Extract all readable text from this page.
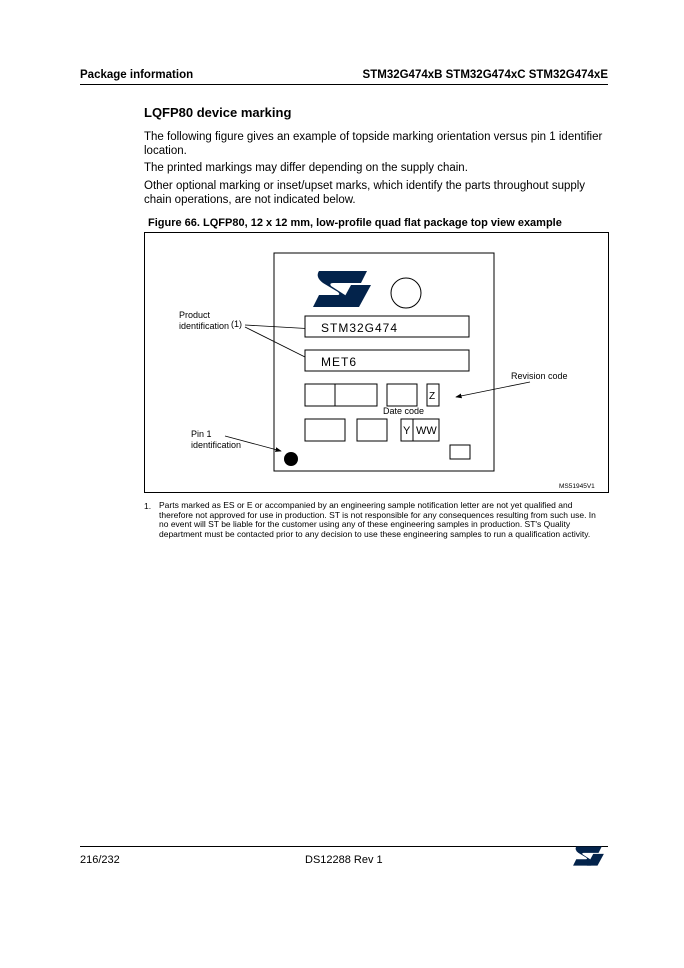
Package information	STM32G474xB STM32G474xC STM32G474xE
LQFP80 device marking
The following figure gives an example of topside marking orientation versus pin 1 identifier location.
The printed markings may differ depending on the supply chain.
Other optional marking or inset/upset marks, which identify the parts throughout supply chain operations, are not indicated below.
Figure 66. LQFP80, 12 x 12 mm, low-profile quad flat package top view example
Product
identification (1)	STM32G474
MET6
Z
Revision code
Date code
Y WW
Pin 1
identification
MS51945V1
1. Parts marked as ES or E or accompanied by an engineering sample notification letter are not yet qualified and therefore not approved for use in production. ST is not responsible for any consequences resulting from such use. In no event will ST be liable for the customer using any of these engineering samples in production. ST's Quality department must be contacted prior to any decision to use these engineering samples to run a qualification activity.
216/232	DS12288 Rev 1
